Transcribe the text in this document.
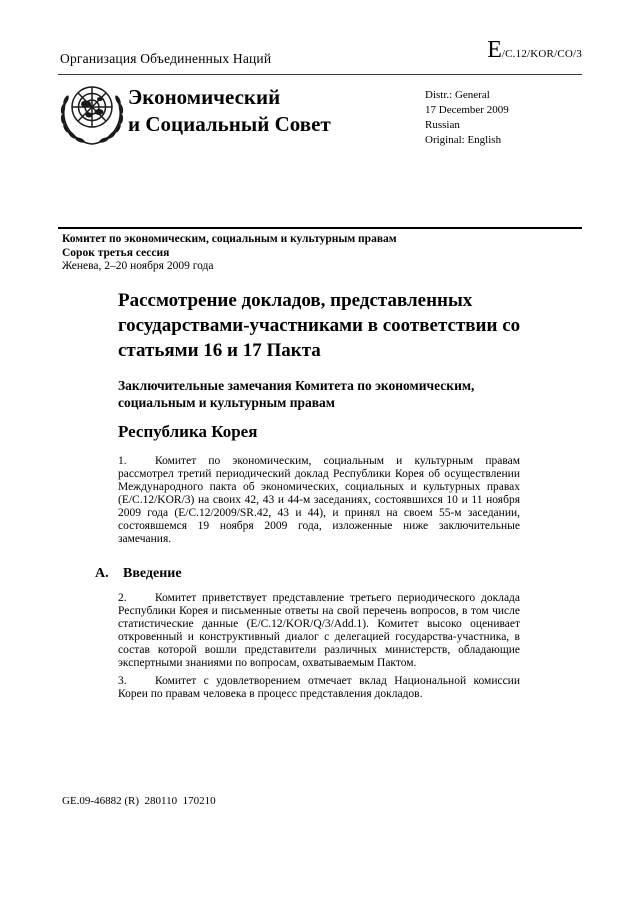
Организация Объединенных Наций	E/C.12/KOR/CO/3
Экономический
и Социальный Совет
Distr.: General
17 December 2009
Russian
Original: English
Комитет по экономическим, социальным и культурным правам
Сорок третья сессия
Женева, 2–20 ноября 2009 года
Рассмотрение докладов, представленных государствами-участниками в соответствии со статьями 16 и 17 Пакта
Заключительные замечания Комитета по экономическим, социальным и культурным правам
Республика Корея

1. Комитет по экономическим, социальным и культурным правам рассмотрел третий периодический доклад Республики Корея об осуществлении Международного пакта об экономических, социальных и культурных правах (E/C.12/KOR/3) на своих 42, 43 и 44-м заседаниях, состоявшихся 10 и 11 ноября 2009 года (E/C.12/2009/SR.42, 43 и 44), и принял на своем 55-м заседании, состоявшемся 19 ноября 2009 года, изложенные ниже заключительные замечания.

A. Введение

2. Комитет приветствует представление третьего периодического доклада Республики Корея и письменные ответы на свой перечень вопросов, в том числе статистические данные (E/C.12/KOR/Q/3/Add.1). Комитет высоко оценивает откровенный и конструктивный диалог с делегацией государства-участника, в состав которой вошли представители различных министерств, обладающие экспертными знаниями по вопросам, охватываемым Пактом.

3. Комитет с удовлетворением отмечает вклад Национальной комиссии Кореи по правам человека в процесс представления докладов.

GE.09-46882 (R)  280110  170210
